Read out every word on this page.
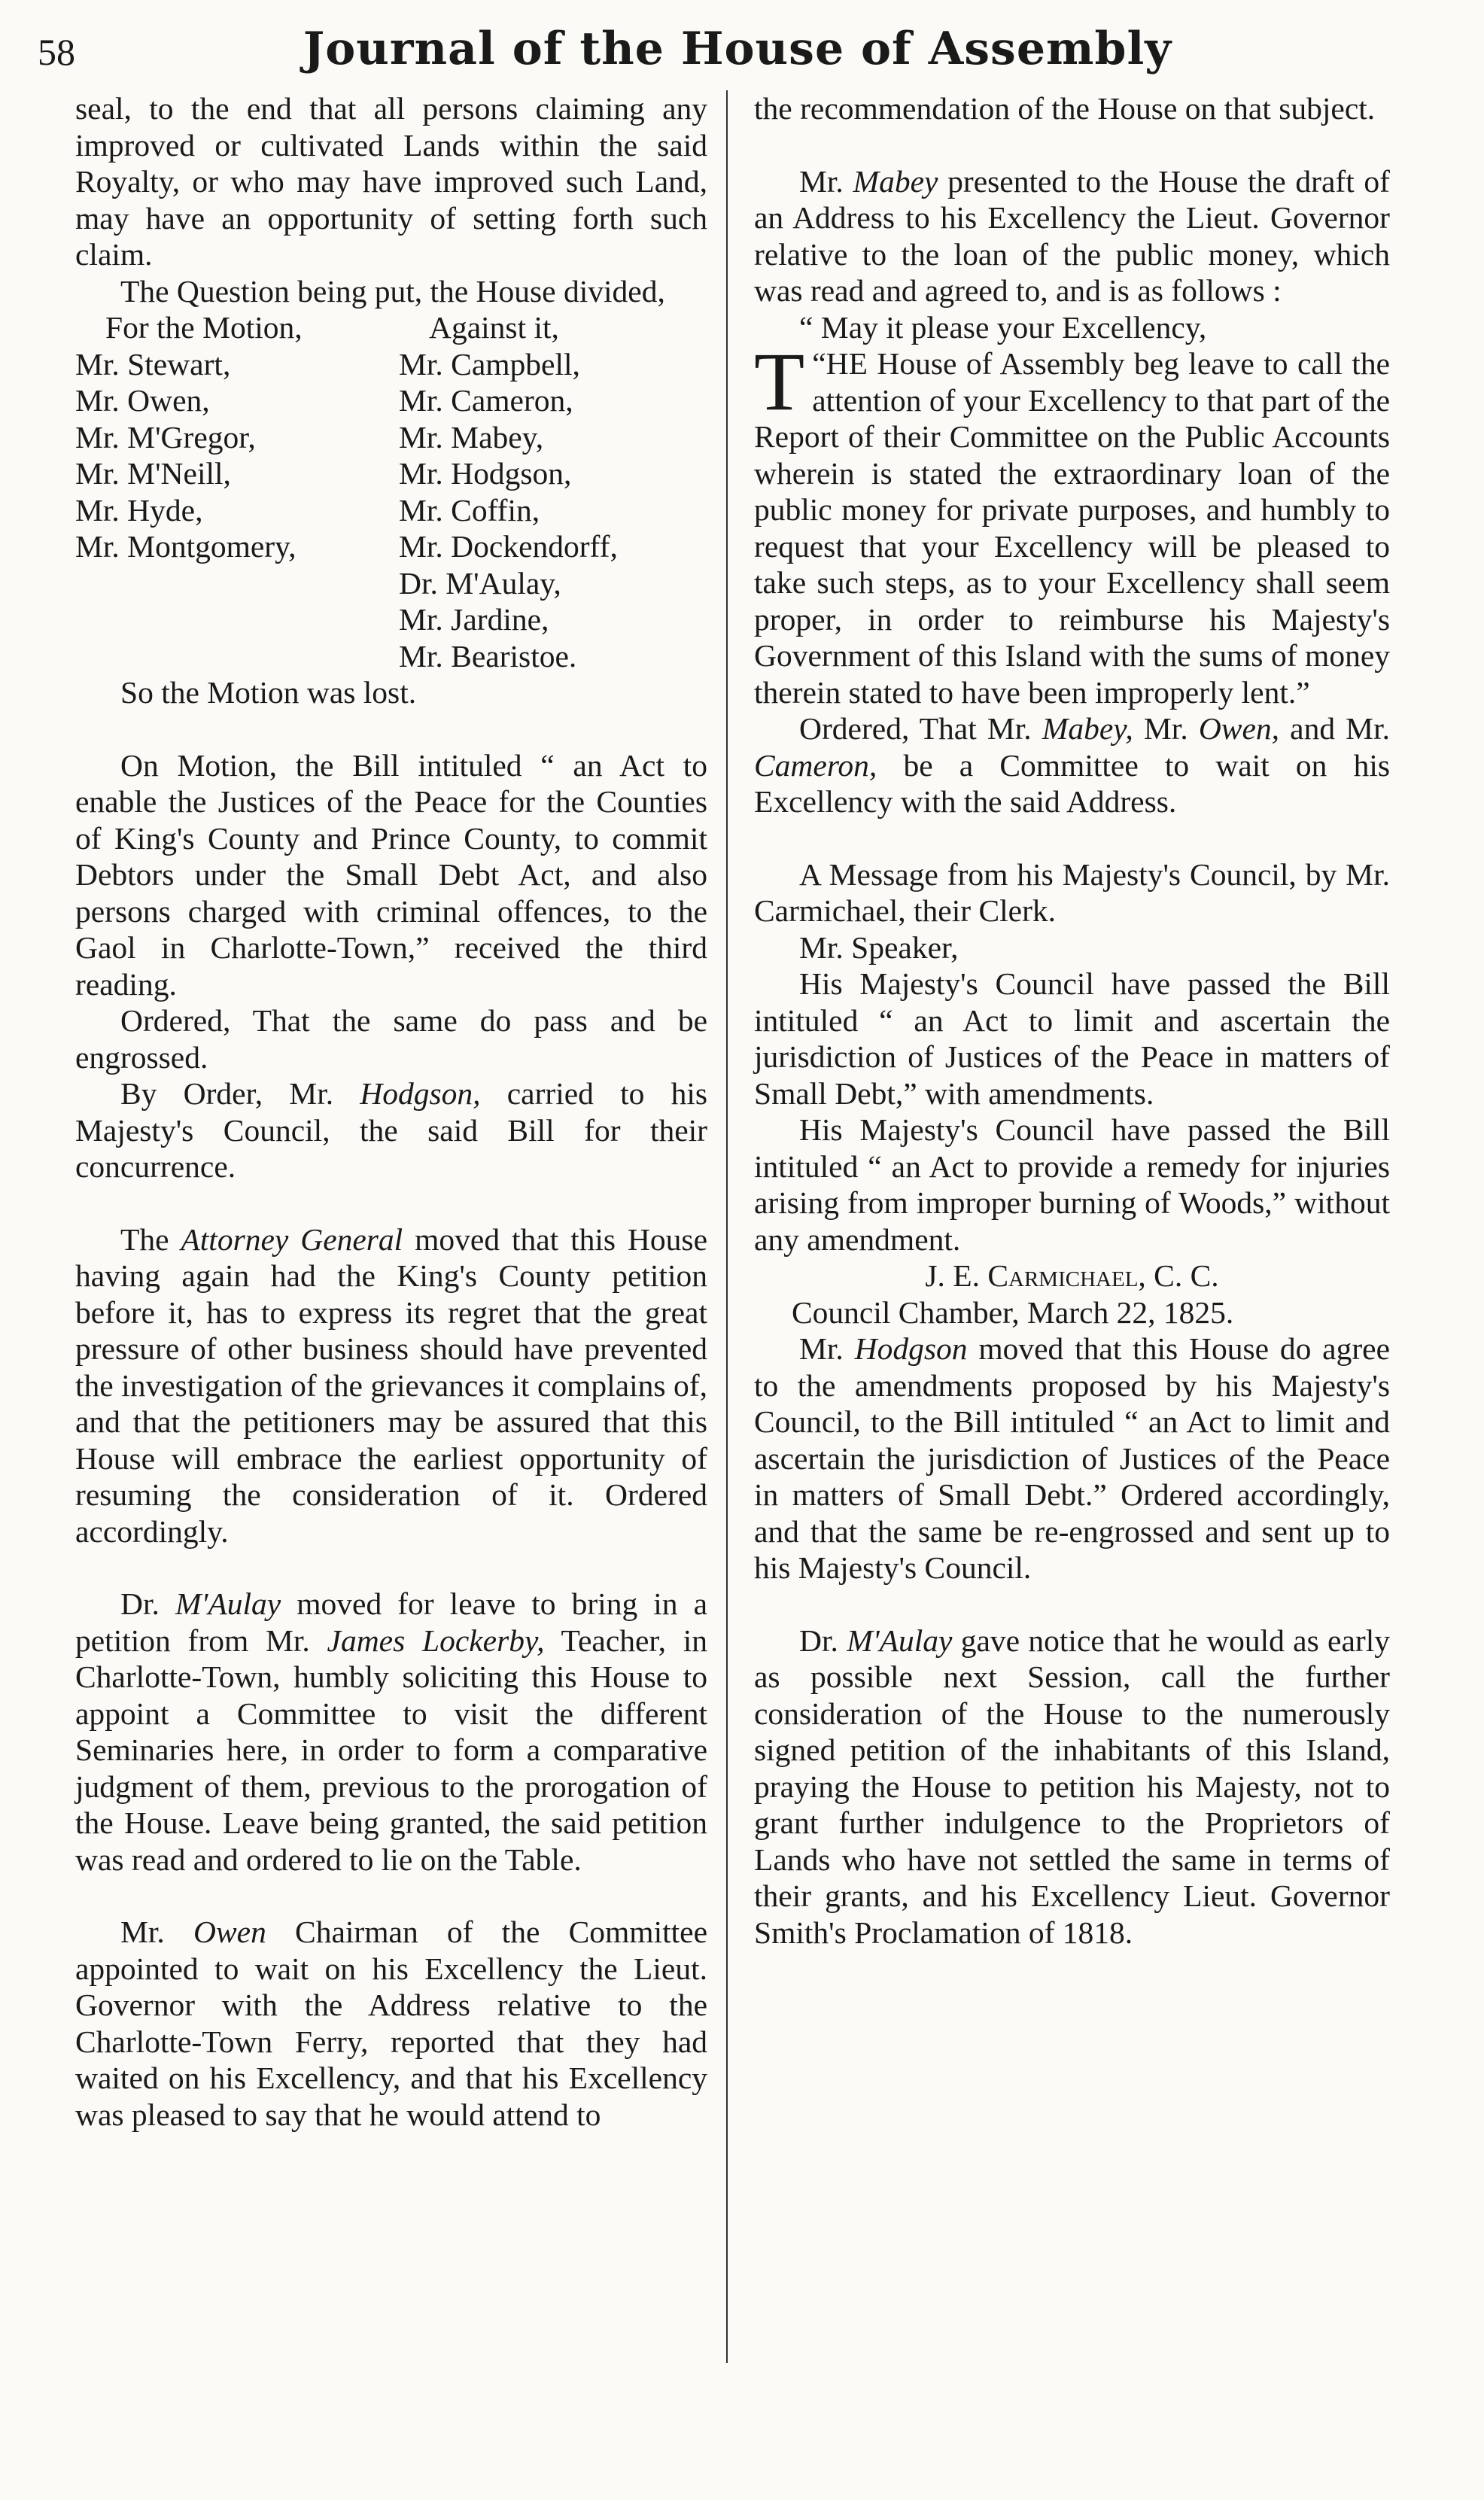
58	Journal of the House of Assembly

seal, to the end that all persons claiming any improved or cultivated Lands within the said Royalty, or who may have improved such Land, may have an opportunity of setting forth such claim.

The Question being put, the House divided,

For the Motion,
Mr. Stewart,
Mr. Owen,
Mr. M'Gregor,
Mr. M'Neill,
Mr. Hyde,
Mr. Montgomery,
Against it,
Mr. Campbell,
Mr. Cameron,
Mr. Mabey,
Mr. Hodgson,
Mr. Coffin,
Mr. Dockendorff,
Dr. M'Aulay,
Mr. Jardine,
Mr. Bearistoe.

So the Motion was lost.

On Motion, the Bill intituled “ an Act to enable the Justices of the Peace for the Counties of King's County and Prince County, to commit Debtors under the Small Debt Act, and also persons charged with criminal offences, to the Gaol in Charlotte-Town,” received the third reading.

Ordered, That the same do pass and be engrossed.

By Order, Mr. Hodgson, carried to his Majesty's Council, the said Bill for their concurrence.

The Attorney General moved that this House having again had the King's County petition before it, has to express its regret that the great pressure of other business should have prevented the investigation of the grievances it complains of, and that the petitioners may be assured that this House will embrace the earliest opportunity of resuming the consideration of it. Ordered accordingly.

Dr. M'Aulay moved for leave to bring in a petition from Mr. James Lockerby, Teacher, in Charlotte-Town, humbly soliciting this House to appoint a Committee to visit the different Seminaries here, in order to form a comparative judgment of them, previous to the prorogation of the House. Leave being granted, the said petition was read and ordered to lie on the Table.

Mr. Owen Chairman of the Committee appointed to wait on his Excellency the Lieut. Governor with the Address relative to the Charlotte-Town Ferry, reported that they had waited on his Excellency, and that his Excellency was pleased to say that he would attend to

the recommendation of the House on that subject.

Mr. Mabey presented to the House the draft of an Address to his Excellency the Lieut. Governor relative to the loan of the public money, which was read and agreed to, and is as follows :

“ May it please your Excellency,

“
T HE House of Assembly beg leave to call the attention of your Excellency to that part of the Report of their Committee on the Public Accounts wherein is stated the extraordinary loan of the public money for private purposes, and humbly to request that your Excellency will be pleased to take such steps, as to your Excellency shall seem proper, in order to reimburse his Majesty's Government of this Island with the sums of money therein stated to have been improperly lent.”

Ordered, That Mr. Mabey, Mr. Owen, and Mr. Cameron, be a Committee to wait on his Excellency with the said Address.

A Message from his Majesty's Council, by Mr. Carmichael, their Clerk.

Mr. Speaker,

His Majesty's Council have passed the Bill intituled “ an Act to limit and ascertain the jurisdiction of Justices of the Peace in matters of Small Debt,” with amendments.

His Majesty's Council have passed the Bill intituled “ an Act to provide a remedy for injuries arising from improper burning of Woods,” without any amendment.

J. E. Carmichael, C. C.

Council Chamber, March 22, 1825.

Mr. Hodgson moved that this House do agree to the amendments proposed by his Majesty's Council, to the Bill intituled “ an Act to limit and ascertain the jurisdiction of Justices of the Peace in matters of Small Debt.” Ordered accordingly, and that the same be re-engrossed and sent up to his Majesty's Council.

Dr. M'Aulay gave notice that he would as early as possible next Session, call the further consideration of the House to the numerously signed petition of the inhabitants of this Island, praying the House to petition his Majesty, not to grant further indulgence to the Proprietors of Lands who have not settled the same in terms of their grants, and his Excellency Lieut. Governor Smith's Proclamation of 1818.
